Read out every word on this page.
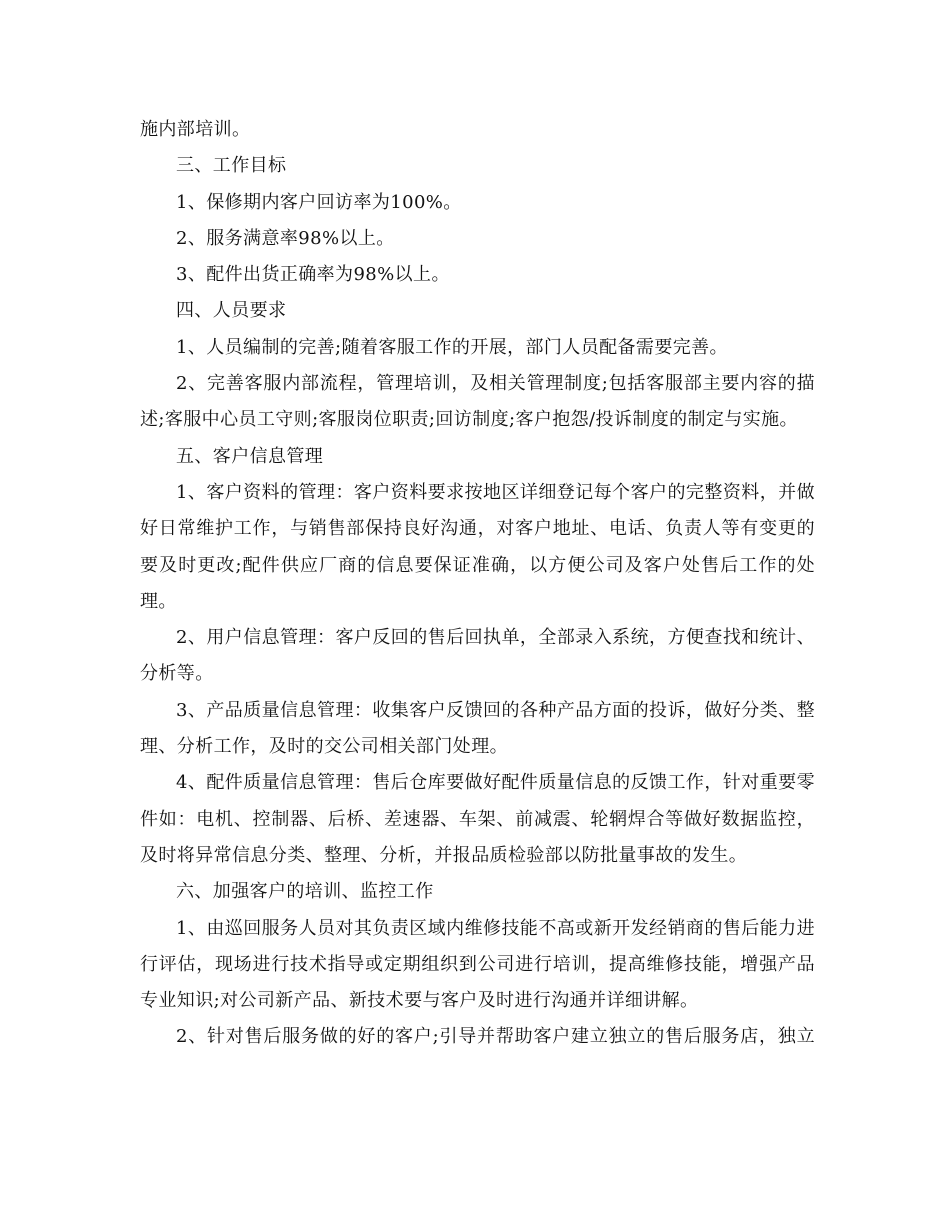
施内部培训。

三、工作目标

1、保修期内客户回访率为100%。

2、服务满意率98%以上。

3、配件出货正确率为98%以上。

四、人员要求

1、人员编制的完善;随着客服工作的开展，部门人员配备需要完善。

2、完善客服内部流程，管理培训，及相关管理制度;包括客服部主要内容的描述;客服中心员工守则;客服岗位职责;回访制度;客户抱怨/投诉制度的制定与实施。

五、客户信息管理

1、客户资料的管理：客户资料要求按地区详细登记每个客户的完整资料，并做好日常维护工作，与销售部保持良好沟通，对客户地址、电话、负责人等有变更的要及时更改;配件供应厂商的信息要保证准确，以方便公司及客户处售后工作的处理。

2、用户信息管理：客户反回的售后回执单，全部录入系统，方便查找和统计、分析等。

3、产品质量信息管理：收集客户反馈回的各种产品方面的投诉，做好分类、整理、分析工作，及时的交公司相关部门处理。

4、配件质量信息管理：售后仓库要做好配件质量信息的反馈工作，针对重要零件如：电机、控制器、后桥、差速器、车架、前减震、轮辋焊合等做好数据监控，及时将异常信息分类、整理、分析，并报品质检验部以防批量事故的发生。

六、加强客户的培训、监控工作

1、由巡回服务人员对其负责区域内维修技能不高或新开发经销商的售后能力进行评估，现场进行技术指导或定期组织到公司进行培训，提高维修技能，增强产品专业知识;对公司新产品、新技术要与客户及时进行沟通并详细讲解。

2、针对售后服务做的好的客户;引导并帮助客户建立独立的售后服务店，独立
